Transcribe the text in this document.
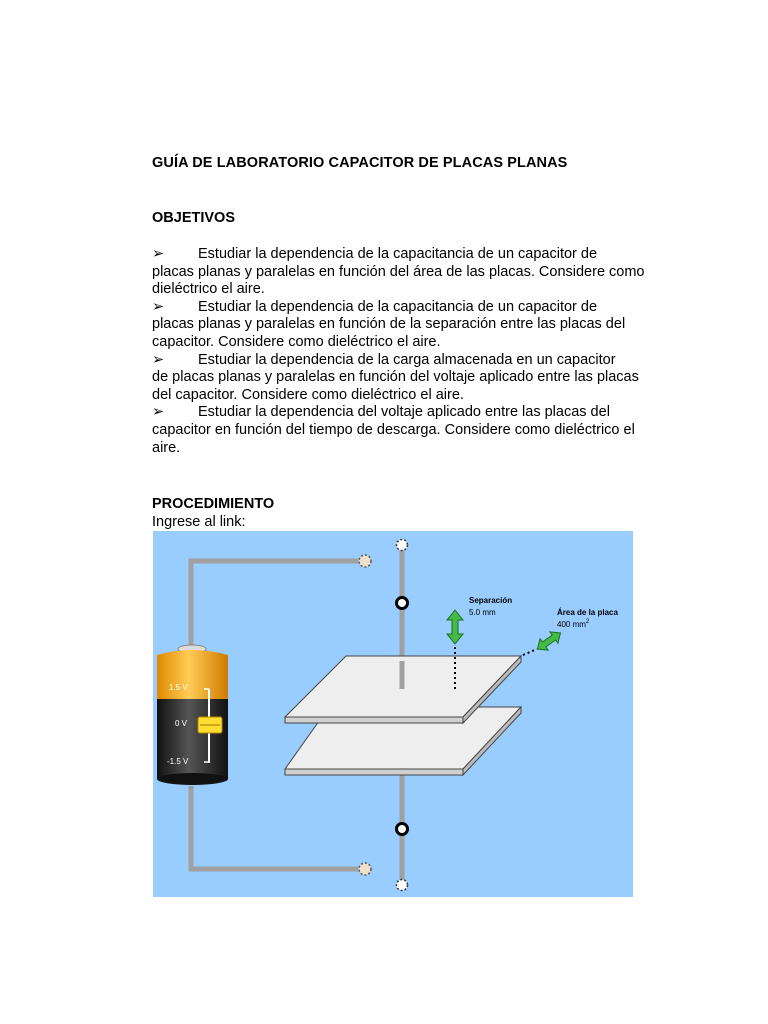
GUÍA DE LABORATORIO CAPACITOR DE PLACAS PLANAS
OBJETIVOS
➢ Estudiar la dependencia de la capacitancia de un capacitor de
placas planas y paralelas en función del área de las placas. Considere como dieléctrico el aire.
➢ Estudiar la dependencia de la capacitancia de un capacitor de
placas planas y paralelas en función de la separación entre las placas del capacitor. Considere como dieléctrico el aire.
➢ Estudiar la dependencia de la carga almacenada en un capacitor
de placas planas y paralelas en función del voltaje aplicado entre las placas del capacitor. Considere como dieléctrico el aire.
➢ Estudiar la dependencia del voltaje aplicado entre las placas del
capacitor en función del tiempo de descarga. Considere como dieléctrico el aire.
PROCEDIMIENTO
Ingrese al link:
1.5 V
0 V
-1.5 V
Separación
5.0 mm	Área de la placa
400 $mm^2$
